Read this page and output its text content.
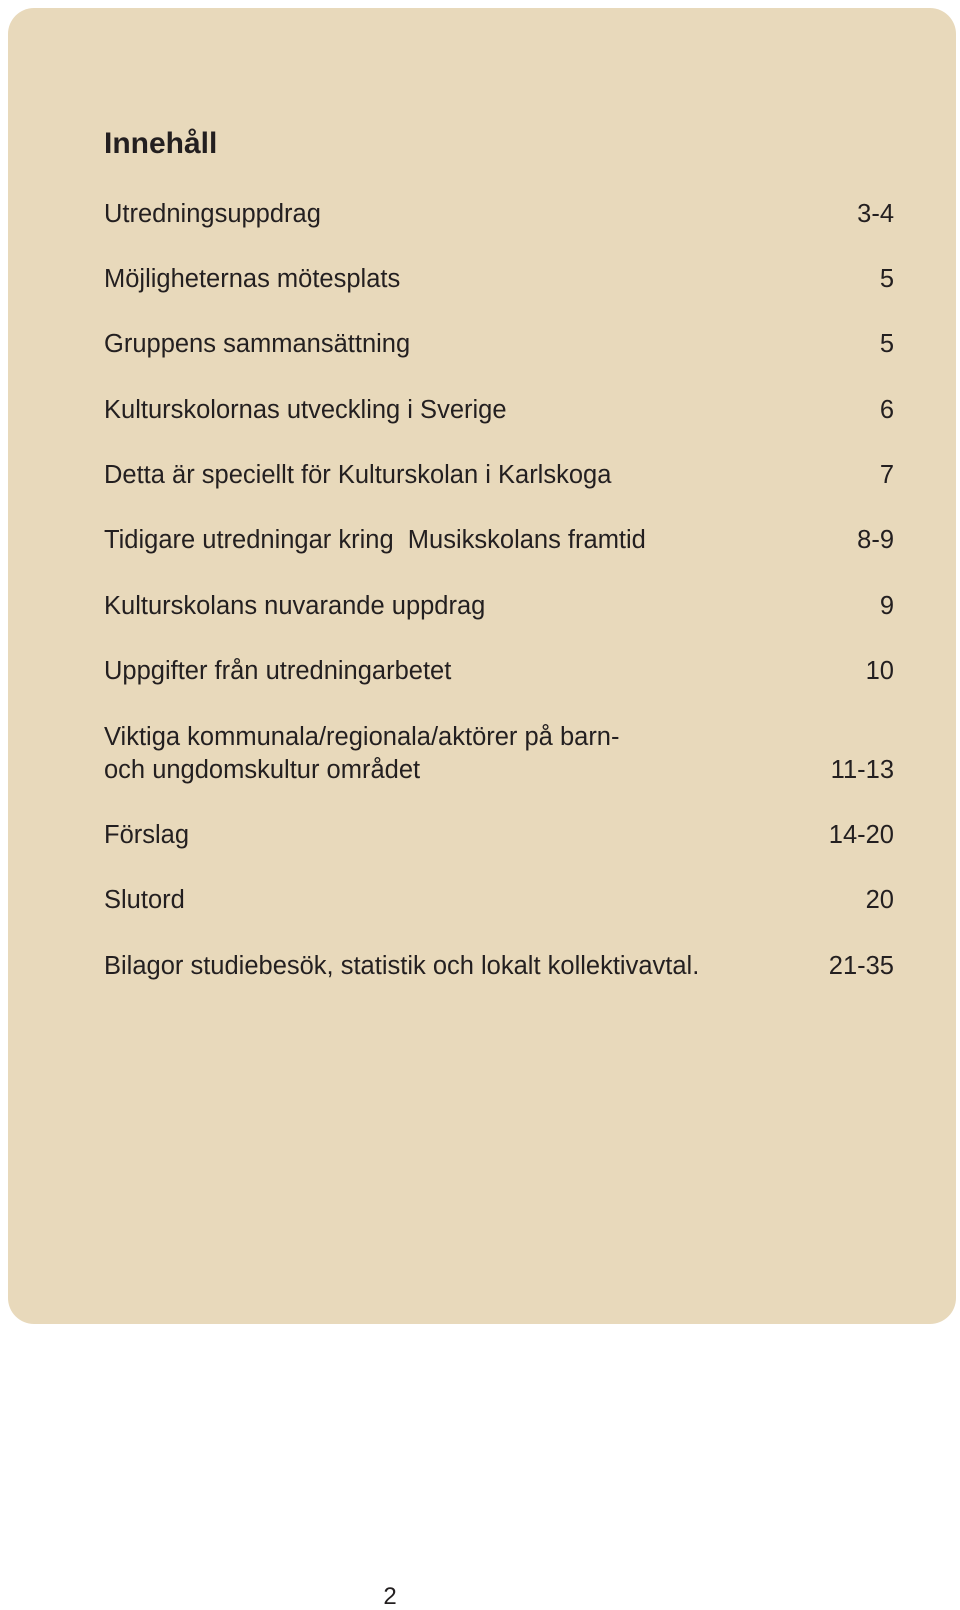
Innehåll
Utredningsuppdrag	3-4
Möjligheternas mötesplats	5
Gruppens sammansättning	5
Kulturskolornas utveckling i Sverige	6
Detta är speciellt för Kulturskolan i Karlskoga	7
Tidigare utredningar kring  Musikskolans framtid	8-9
Kulturskolans nuvarande uppdrag	9
Uppgifter från utredningarbetet	10
Viktiga kommunala/regionala/aktörer på barn- och ungdomskultur området	11-13
Förslag	14-20
Slutord	20
Bilagor studiebesök, statistik och lokalt kollektivavtal.	21-35
2
